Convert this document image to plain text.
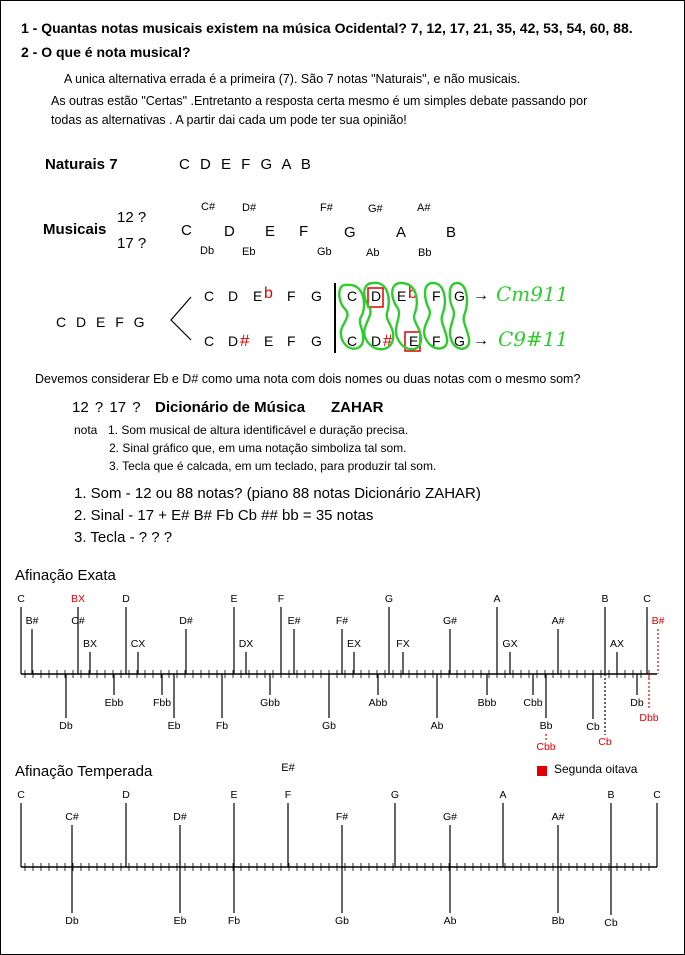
1 - Quantas notas musicais existem na música Ocidental? 7, 12, 17, 21, 35, 42, 53, 54, 60, 88.
2 - O que é nota musical?
A unica alternativa errada é a primeira (7). São 7 notas "Naturais", e não musicais.
As outras estão "Certas" .Entretanto a resposta certa mesmo é um simples debate passando por
todas as alternativas . A partir dai cada um pode ter sua opinião!
Naturais 7	C D E F G A B
Musicais
12 ?
17 ?
C# D#	F#	G#	A#
C D E F G	A	B
Db	Eb	Gb	Ab	Bb
C D E F G
C D E b F G
C D # E F G
C D E b F G → Cm911
C D # E F G → C9#11
Devemos considerar Eb e D# como uma nota com dois nomes ou duas notas com o mesmo som?
12 ? 17 ? Dicionário de Música ZAHAR
nota 1. Som musical de altura identificável e duração precisa.
2. Sinal gráfico que, em uma notação simboliza tal som.
3. Tecla que é calcada, em um teclado, para produzir tal som.
1. Som - 12 ou 88 notas? (piano 88 notas Dicionário ZAHAR)
2. Sinal - 17 + E# B# Fb Cb ## bb = 35 notas
3. Tecla - ? ? ?
Afinação Exata
Afinação Temperada	Segunda oitava
C	BX	D	E	F	G	A	B	C
B#	C#	D#	E#	F#	G#	A#	B#
BX	CX	DX	EX	FX	GX	AX
Ebb	Fbb	Gbb	Abb	Bbb	Cbb	Db
Db	Eb	Fb	Gb	Ab	Bb	Cb
Dbb
Cbb	Cb
E#
C	D	E	F	G	A	B	C
C#	D#	F#	G#	A#
Db	Eb	Fb	Gb	Ab	Bb	Cb
